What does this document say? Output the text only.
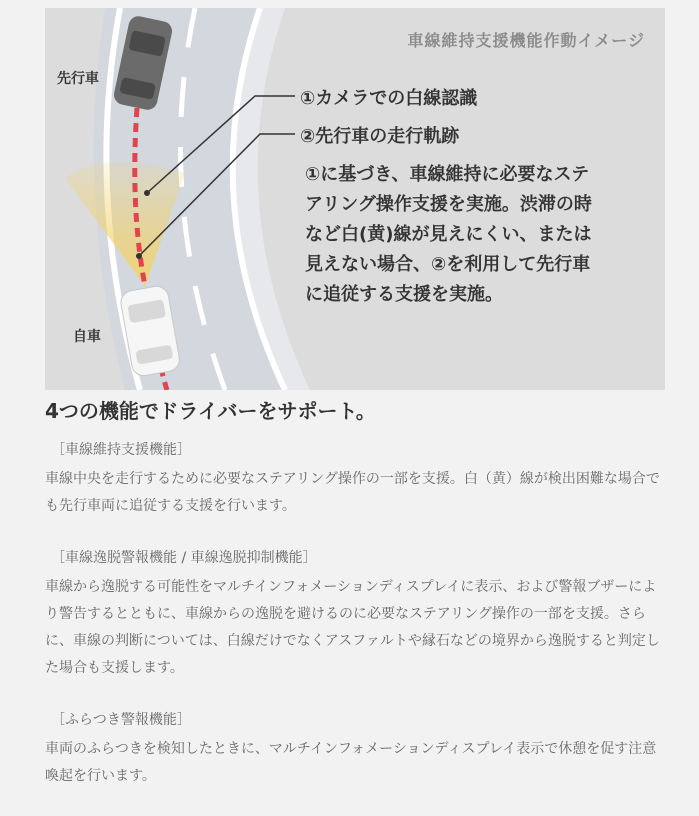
車線維持支援機能作動イメージ
先行車
自車
①カメラでの白線認識
②先行車の走行軌跡
①に基づき、車線維持に必要なステアリング操作支援を実施。渋滞の時など白(黄)線が見えにくい、または見えない場合、②を利用して先行車に追従する支援を実施。
4つの機能でドライバーをサポート。
［車線維持支援機能］
車線中央を走行するために必要なステアリング操作の一部を支援。白（黄）線が検出困難な場合でも先行車両に追従する支援を行います。
［車線逸脱警報機能 / 車線逸脱抑制機能］
車線から逸脱する可能性をマルチインフォメーションディスプレイに表示、および警報ブザーにより警告するとともに、車線からの逸脱を避けるのに必要なステアリング操作の一部を支援。さらに、車線の判断については、白線だけでなくアスファルトや縁石などの境界から逸脱すると判定した場合も支援します。
［ふらつき警報機能］
車両のふらつきを検知したときに、マルチインフォメーションディスプレイ表示で休憩を促す注意喚起を行います。
